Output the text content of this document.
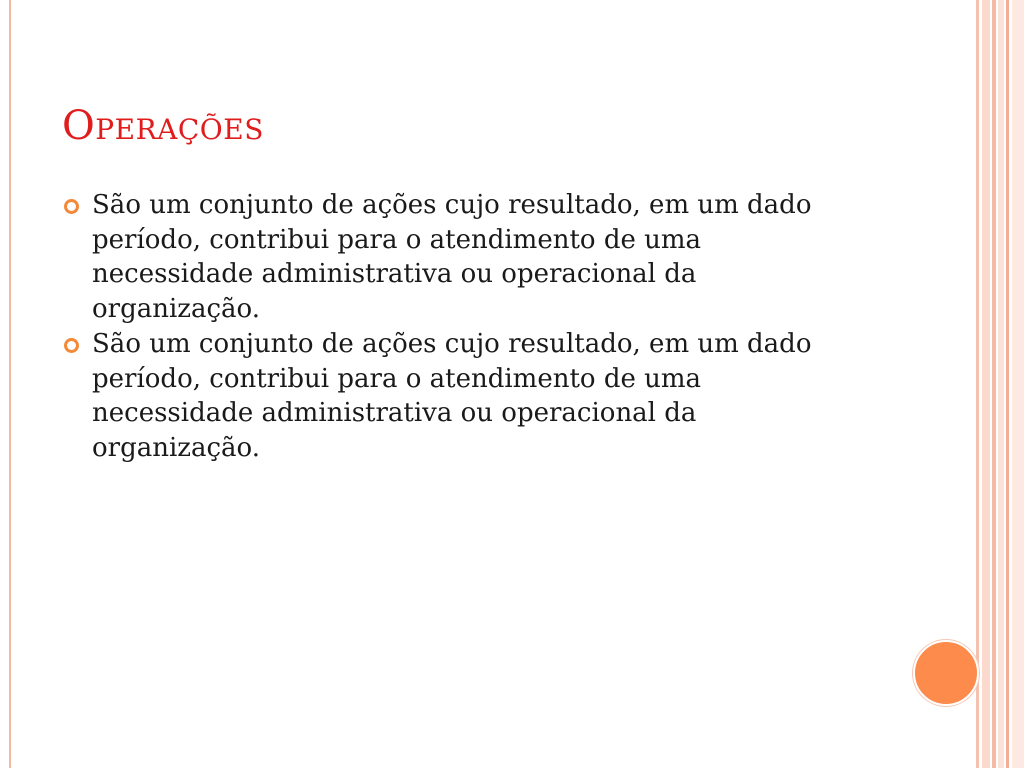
Operações
São um conjunto de ações cujo resultado, em um dado período, contribui para o atendimento de uma necessidade administrativa ou operacional da organização.
São um conjunto de ações cujo resultado, em um dado período, contribui para o atendimento de uma necessidade administrativa ou operacional da organização.
